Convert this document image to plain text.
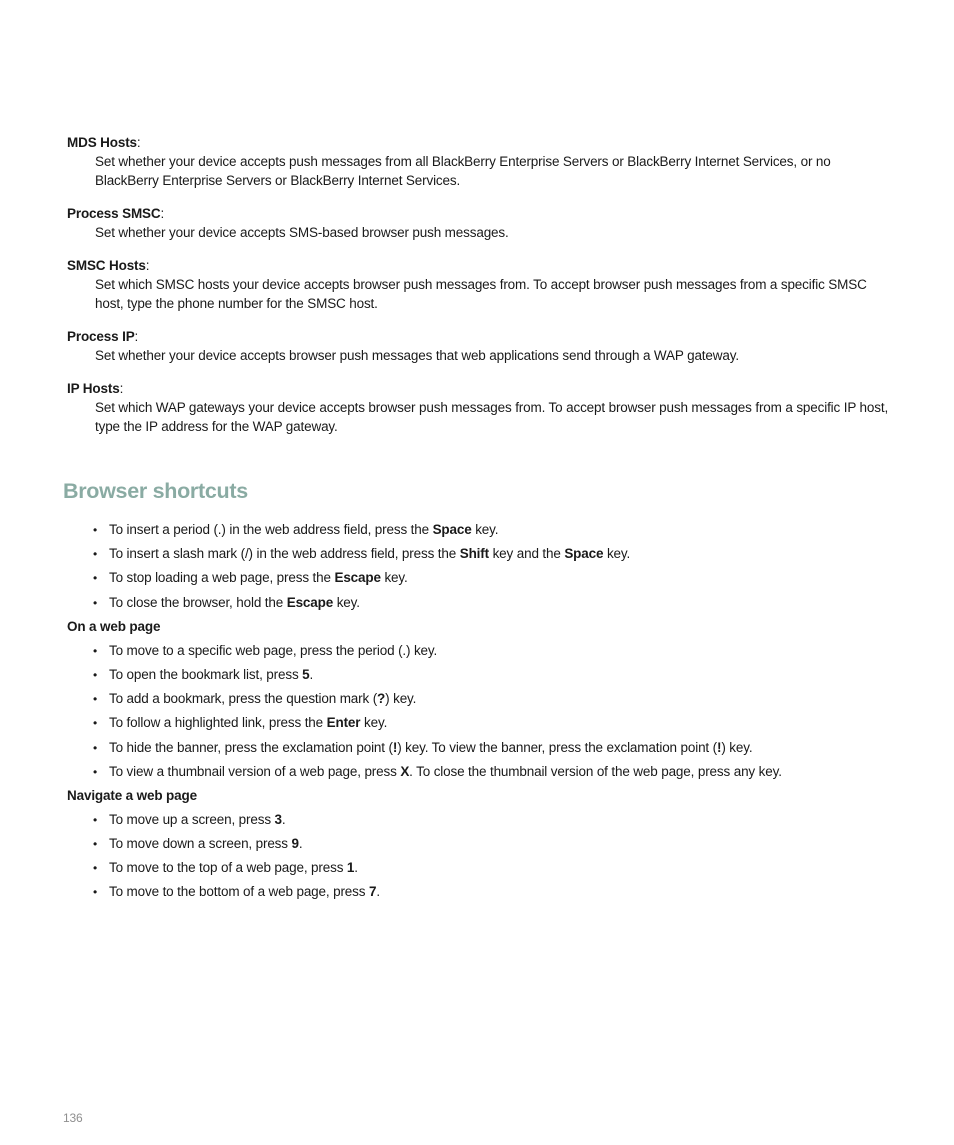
MDS Hosts:
Set whether your device accepts push messages from all BlackBerry Enterprise Servers or BlackBerry Internet Services, or no BlackBerry Enterprise Servers or BlackBerry Internet Services.
Process SMSC:
Set whether your device accepts SMS-based browser push messages.
SMSC Hosts:
Set which SMSC hosts your device accepts browser push messages from. To accept browser push messages from a specific SMSC host, type the phone number for the SMSC host.
Process IP:
Set whether your device accepts browser push messages that web applications send through a WAP gateway.
IP Hosts:
Set which WAP gateways your device accepts browser push messages from. To accept browser push messages from a specific IP host, type the IP address for the WAP gateway.
Browser shortcuts
• To insert a period (.) in the web address field, press the Space key.
• To insert a slash mark (/) in the web address field, press the Shift key and the Space key.
• To stop loading a web page, press the Escape key.
• To close the browser, hold the Escape key.
On a web page
• To move to a specific web page, press the period (.) key.
• To open the bookmark list, press 5.
• To add a bookmark, press the question mark (?) key.
• To follow a highlighted link, press the Enter key.
• To hide the banner, press the exclamation point (!) key. To view the banner, press the exclamation point (!) key.
• To view a thumbnail version of a web page, press X. To close the thumbnail version of the web page, press any key.
Navigate a web page
• To move up a screen, press 3.
• To move down a screen, press 9.
• To move to the top of a web page, press 1.
• To move to the bottom of a web page, press 7.
136
